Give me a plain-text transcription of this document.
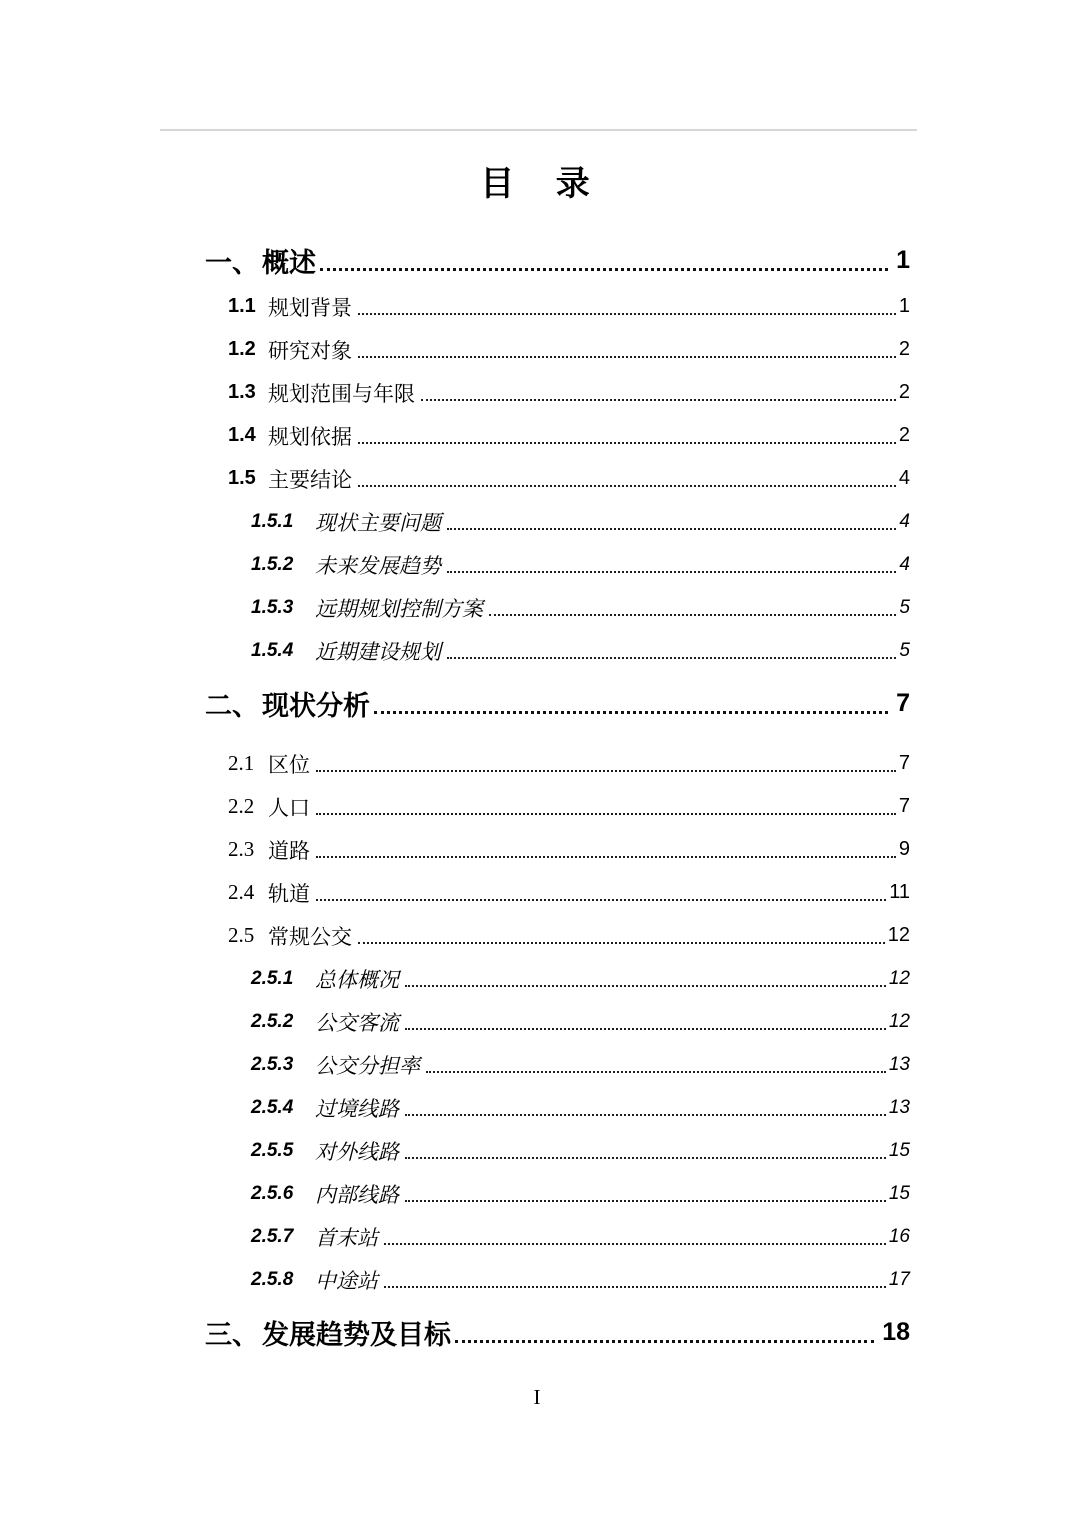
目   录
一、 概述	1
1.1 规划背景	1
1.2 研究对象	2
1.3 规划范围与年限	2
1.4 规划依据	2
1.5 主要结论	4
1.5.1	现状主要问题	4
1.5.2	未来发展趋势	4
1.5.3	远期规划控制方案	5
1.5.4	近期建设规划	5
二、 现状分析	7
2.1 区位	7
2.2 人口	7
2.3 道路	9
2.4 轨道	11
2.5 常规公交	12
2.5.1	总体概况	12
2.5.2	公交客流	12
2.5.3	公交分担率	13
2.5.4	过境线路	13
2.5.5	对外线路	15
2.5.6	内部线路	15
2.5.7	首末站	16
2.5.8	中途站	17
三、 发展趋势及目标	18
I
